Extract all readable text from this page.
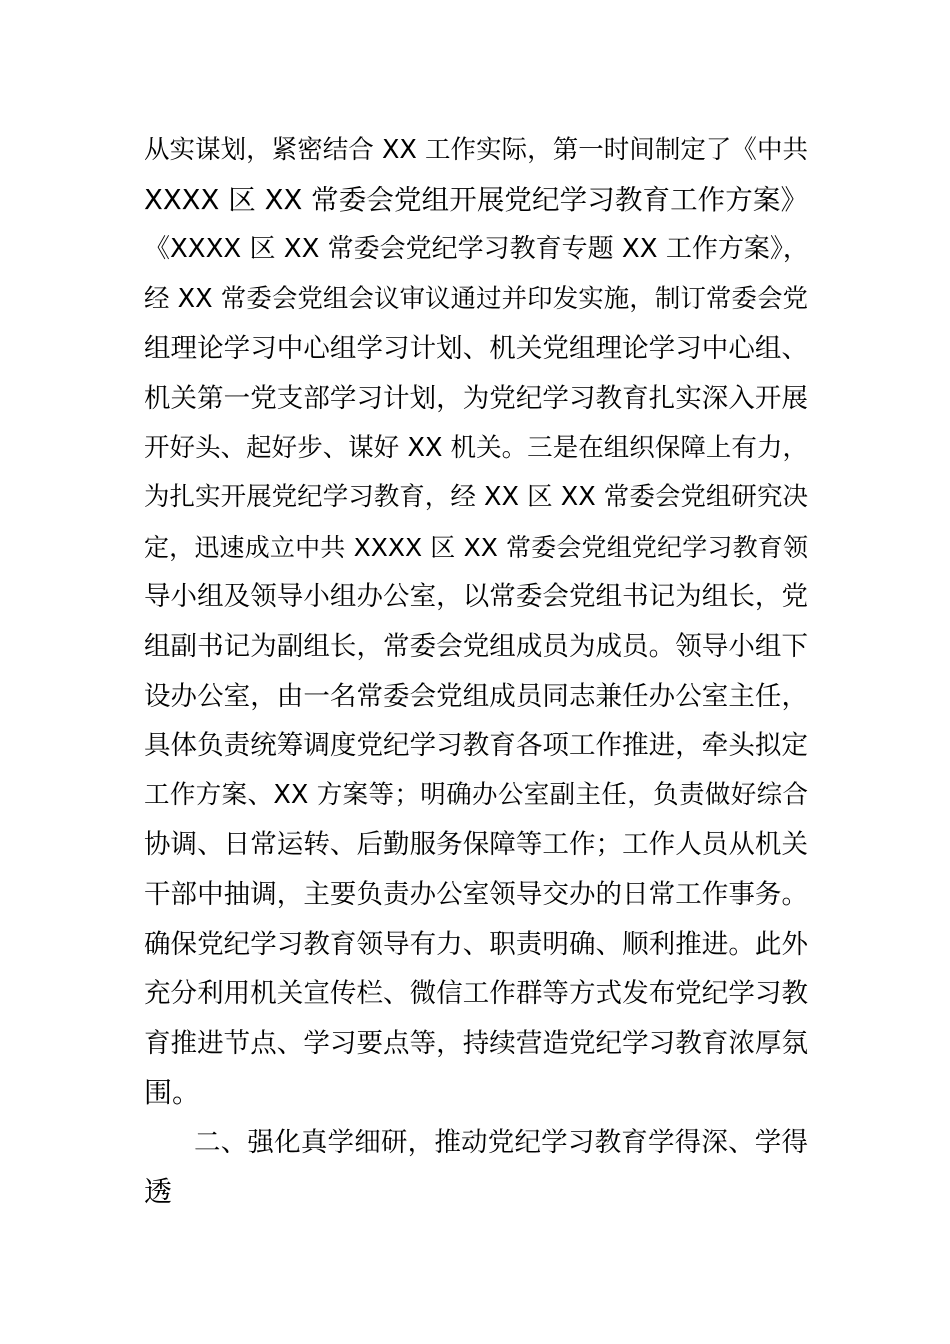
从实谋划，紧密结合 XX 工作实际，第一时间制定了《中共
XXXX 区 XX 常委会党组开展党纪学习教育工作方案》
《XXXX 区 XX 常委会党纪学习教育专题 XX 工作方案》，
经 XX 常委会党组会议审议通过并印发实施，制订常委会党
组理论学习中心组学习计划、机关党组理论学习中心组、
机关第一党支部学习计划，为党纪学习教育扎实深入开展
开好头、起好步、谋好 XX 机关。三是在组织保障上有力，
为扎实开展党纪学习教育，经 XX 区 XX 常委会党组研究决
定，迅速成立中共 XXXX 区 XX 常委会党组党纪学习教育领
导小组及领导小组办公室，以常委会党组书记为组长，党
组副书记为副组长，常委会党组成员为成员。领导小组下
设办公室，由一名常委会党组成员同志兼任办公室主任，
具体负责统筹调度党纪学习教育各项工作推进，牵头拟定
工作方案、XX 方案等；明确办公室副主任，负责做好综合
协调、日常运转、后勤服务保障等工作；工作人员从机关
干部中抽调，主要负责办公室领导交办的日常工作事务。
确保党纪学习教育领导有力、职责明确、顺利推进。此外
充分利用机关宣传栏、微信工作群等方式发布党纪学习教
育推进节点、学习要点等，持续营造党纪学习教育浓厚氛
围。
二、强化真学细研，推动党纪学习教育学得深、学得
透
